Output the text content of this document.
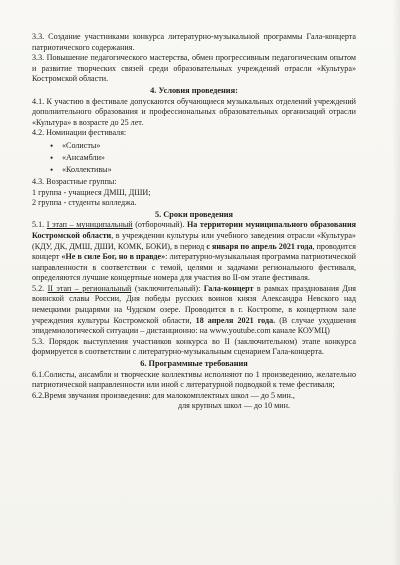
3.3. Создание участниками конкурса литературно-музыкальной программы Гала-концерта патриотического содержания.

3.3. Повышение педагогического мастерства, обмен прогрессивным педагогическим опытом и развитие творческих связей среди образовательных учреждений отрасли «Культура» Костромской области.

4. Условия проведения:

4.1. К участию в фестивале допускаются обучающиеся музыкальных отделений учреждений дополнительного образования и профессиональных образовательных организаций отрасли «Культура» в возрасте до 25 лет.

4.2. Номинации фестиваля:

• «Солисты»
• «Ансамбли»
• «Коллективы»

4.3. Возрастные группы:

1 группа - учащиеся ДМШ, ДШИ;

2 группа - студенты колледжа.

5. Сроки проведения

5.1. I этап – муниципальный (отборочный). На территории муниципального образования Костромской области, в учреждении культуры или учебного заведения отрасли «Культура» (КДУ, ДК, ДМШ, ДШИ, КОМК, БОКИ), в период с января по апрель 2021 года, проводится концерт «Не в силе Бог, но в правде»: литературно-музыкальная программа патриотической направленности в соответствии с темой, целями и задачами регионального фестиваля, определяются лучшие концертные номера для участия во II-ом этапе фестиваля.

5.2. II этап – региональный (заключительный): Гала-концерт в рамках празднования Дня воинской славы России, Дня победы русских воинов князя Александра Невского над немецкими рыцарями на Чудском озере. Проводится в г. Кострome, в концертном зале учреждения культуры Костромской области, 18 апреля 2021 года. (В случае ухудшения эпидемиологической ситуации – дистанционно: на www.youtube.com канале КОУМЦ)

5.3. Порядок выступления участников конкурса во II (заключительном) этапе конкурса формируется в соответствии с литературно-музыкальным сценарием Гала-концерта.

6. Программные требования

6.1.Солисты, ансамбли и творческие коллективы исполняют по 1 произведению, желательно патриотической направленности или иной с литературной подводкой к теме фестиваля;

6.2.Время звучания произведения: для малокомплектных школ — до 5 мин.,
для крупных школ — до 10 мин.
